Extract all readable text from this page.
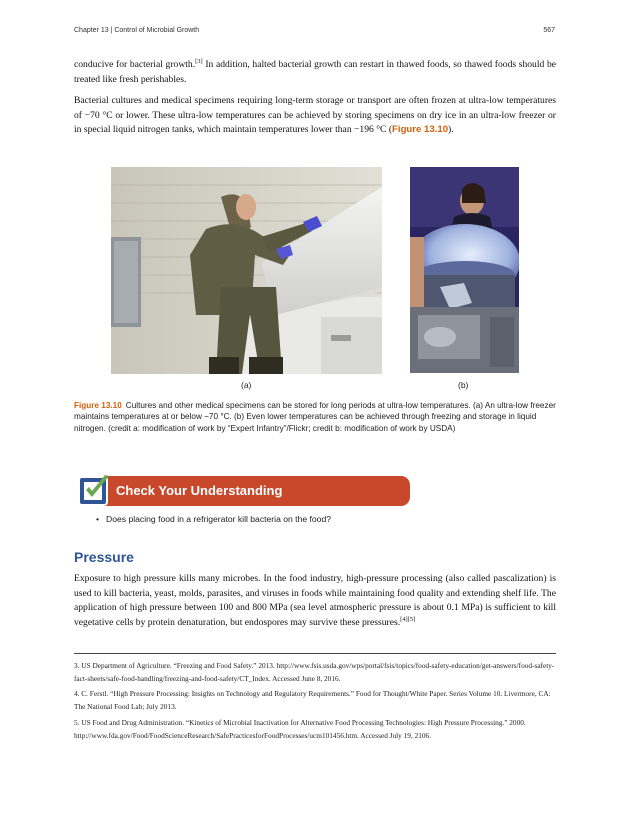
Chapter 13 | Control of Microbial Growth	567

conducive for bacterial growth.[3] In addition, halted bacterial growth can restart in thawed foods, so thawed foods should be treated like fresh perishables.

Bacterial cultures and medical specimens requiring long-term storage or transport are often frozen at ultra-low temperatures of −70 °C or lower. These ultra-low temperatures can be achieved by storing specimens on dry ice in an ultra-low freezer or in special liquid nitrogen tanks, which maintain temperatures lower than −196 °C (Figure 13.10).

(a)	(b)
Figure 13.10 Cultures and other medical specimens can be stored for long periods at ultra-low temperatures. (a) An ultra-low freezer maintains temperatures at or below −70 °C. (b) Even lower temperatures can be achieved through freezing and storage in liquid nitrogen. (credit a: modification of work by “Expert Infantry”/Flickr; credit b: modification of work by USDA)
Check Your Understanding
• Does placing food in a refrigerator kill bacteria on the food?
Pressure

Exposure to high pressure kills many microbes. In the food industry, high-pressure processing (also called pascalization) is used to kill bacteria, yeast, molds, parasites, and viruses in foods while maintaining food quality and extending shelf life. The application of high pressure between 100 and 800 MPa (sea level atmospheric pressure is about 0.1 MPa) is sufficient to kill vegetative cells by protein denaturation, but endospores may survive these pressures.[4][5]

3. US Department of Agriculture. “Freezing and Food Safety.” 2013. http://www.fsis.usda.gov/wps/portal/fsis/topics/food-safety-education/get-answers/food-safety-fact-sheets/safe-food-handling/freezing-and-food-safety/CT_Index. Accessed June 8, 2016.
4. C. Ferstl. “High Pressure Processing: Insights on Technology and Regulatory Requirements.” Food for Thought/White Paper. Series Volume 10. Livermore, CA: The National Food Lab; July 2013.
5. US Food and Drug Administration. “Kinetics of Microbial Inactivation for Alternative Food Processing Technologies: High Pressure Processing.” 2000. http://www.fda.gov/Food/FoodScienceResearch/SafePracticesforFoodProcesses/ucm101456.htm. Accessed July 19, 2106.
